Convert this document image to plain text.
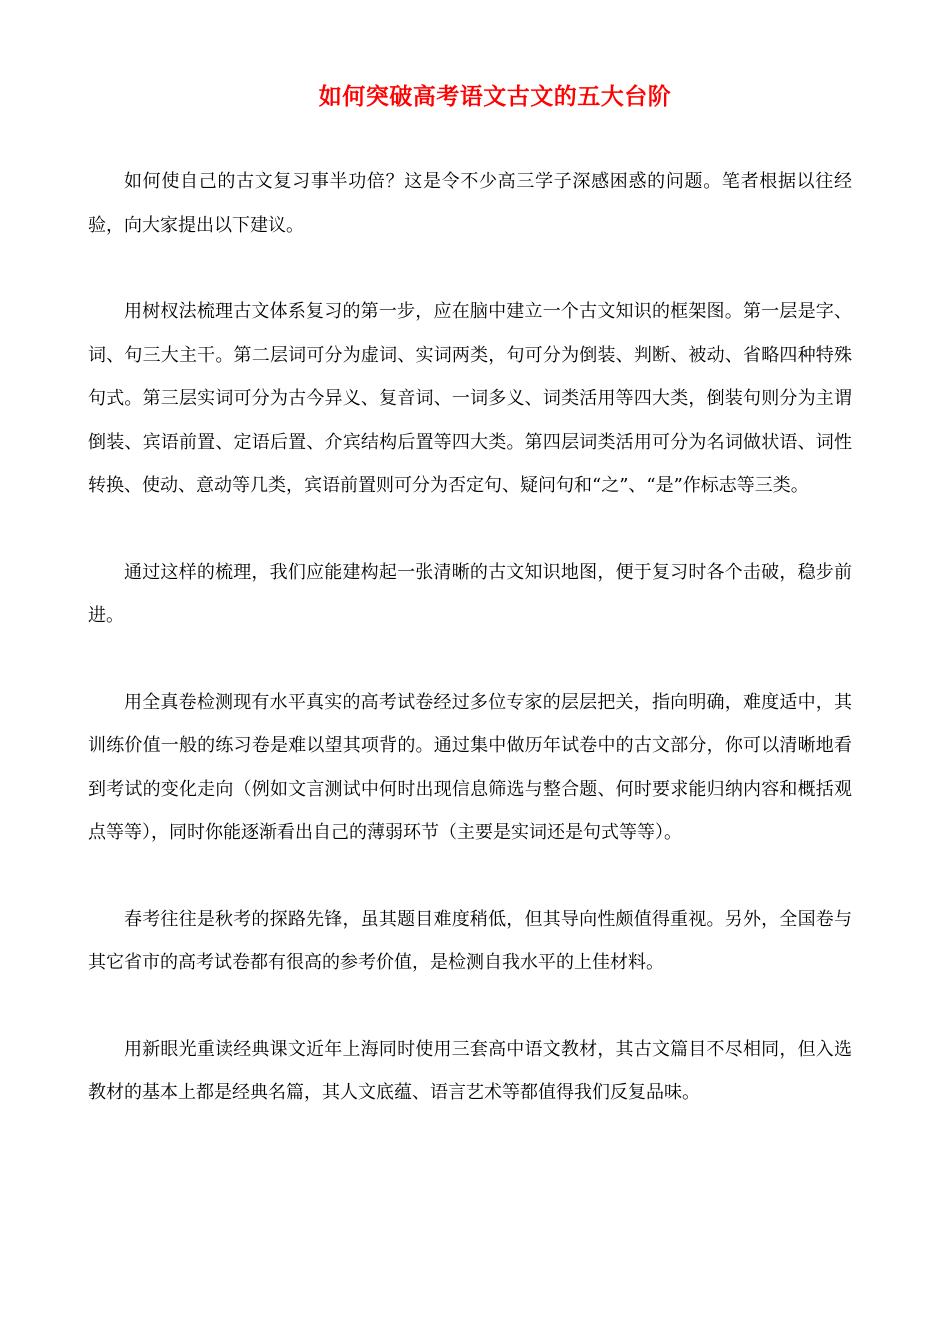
如何突破高考语文古文的五大台阶

如何使自己的古文复习事半功倍？这是令不少高三学子深感困惑的问题。笔者根据以往经验，向大家提出以下建议。

用树杈法梳理古文体系复习的第一步，应在脑中建立一个古文知识的框架图。第一层是字、词、句三大主干。第二层词可分为虚词、实词两类，句可分为倒装、判断、被动、省略四种特殊句式。第三层实词可分为古今异义、复音词、一词多义、词类活用等四大类，倒装句则分为主谓倒装、宾语前置、定语后置、介宾结构后置等四大类。第四层词类活用可分为名词做状语、词性转换、使动、意动等几类，宾语前置则可分为否定句、疑问句和“之”、“是”作标志等三类。

通过这样的梳理，我们应能建构起一张清晰的古文知识地图，便于复习时各个击破，稳步前进。

用全真卷检测现有水平真实的高考试卷经过多位专家的层层把关，指向明确，难度适中，其训练价值一般的练习卷是难以望其项背的。通过集中做历年试卷中的古文部分，你可以清晰地看到考试的变化走向（例如文言测试中何时出现信息筛选与整合题、何时要求能归纳内容和概括观点等等），同时你能逐渐看出自己的薄弱环节（主要是实词还是句式等等）。

春考往往是秋考的探路先锋，虽其题目难度稍低，但其导向性颇值得重视。另外，全国卷与其它省市的高考试卷都有很高的参考价值，是检测自我水平的上佳材料。

用新眼光重读经典课文近年上海同时使用三套高中语文教材，其古文篇目不尽相同，但入选教材的基本上都是经典名篇，其人文底蕴、语言艺术等都值得我们反复品味。
